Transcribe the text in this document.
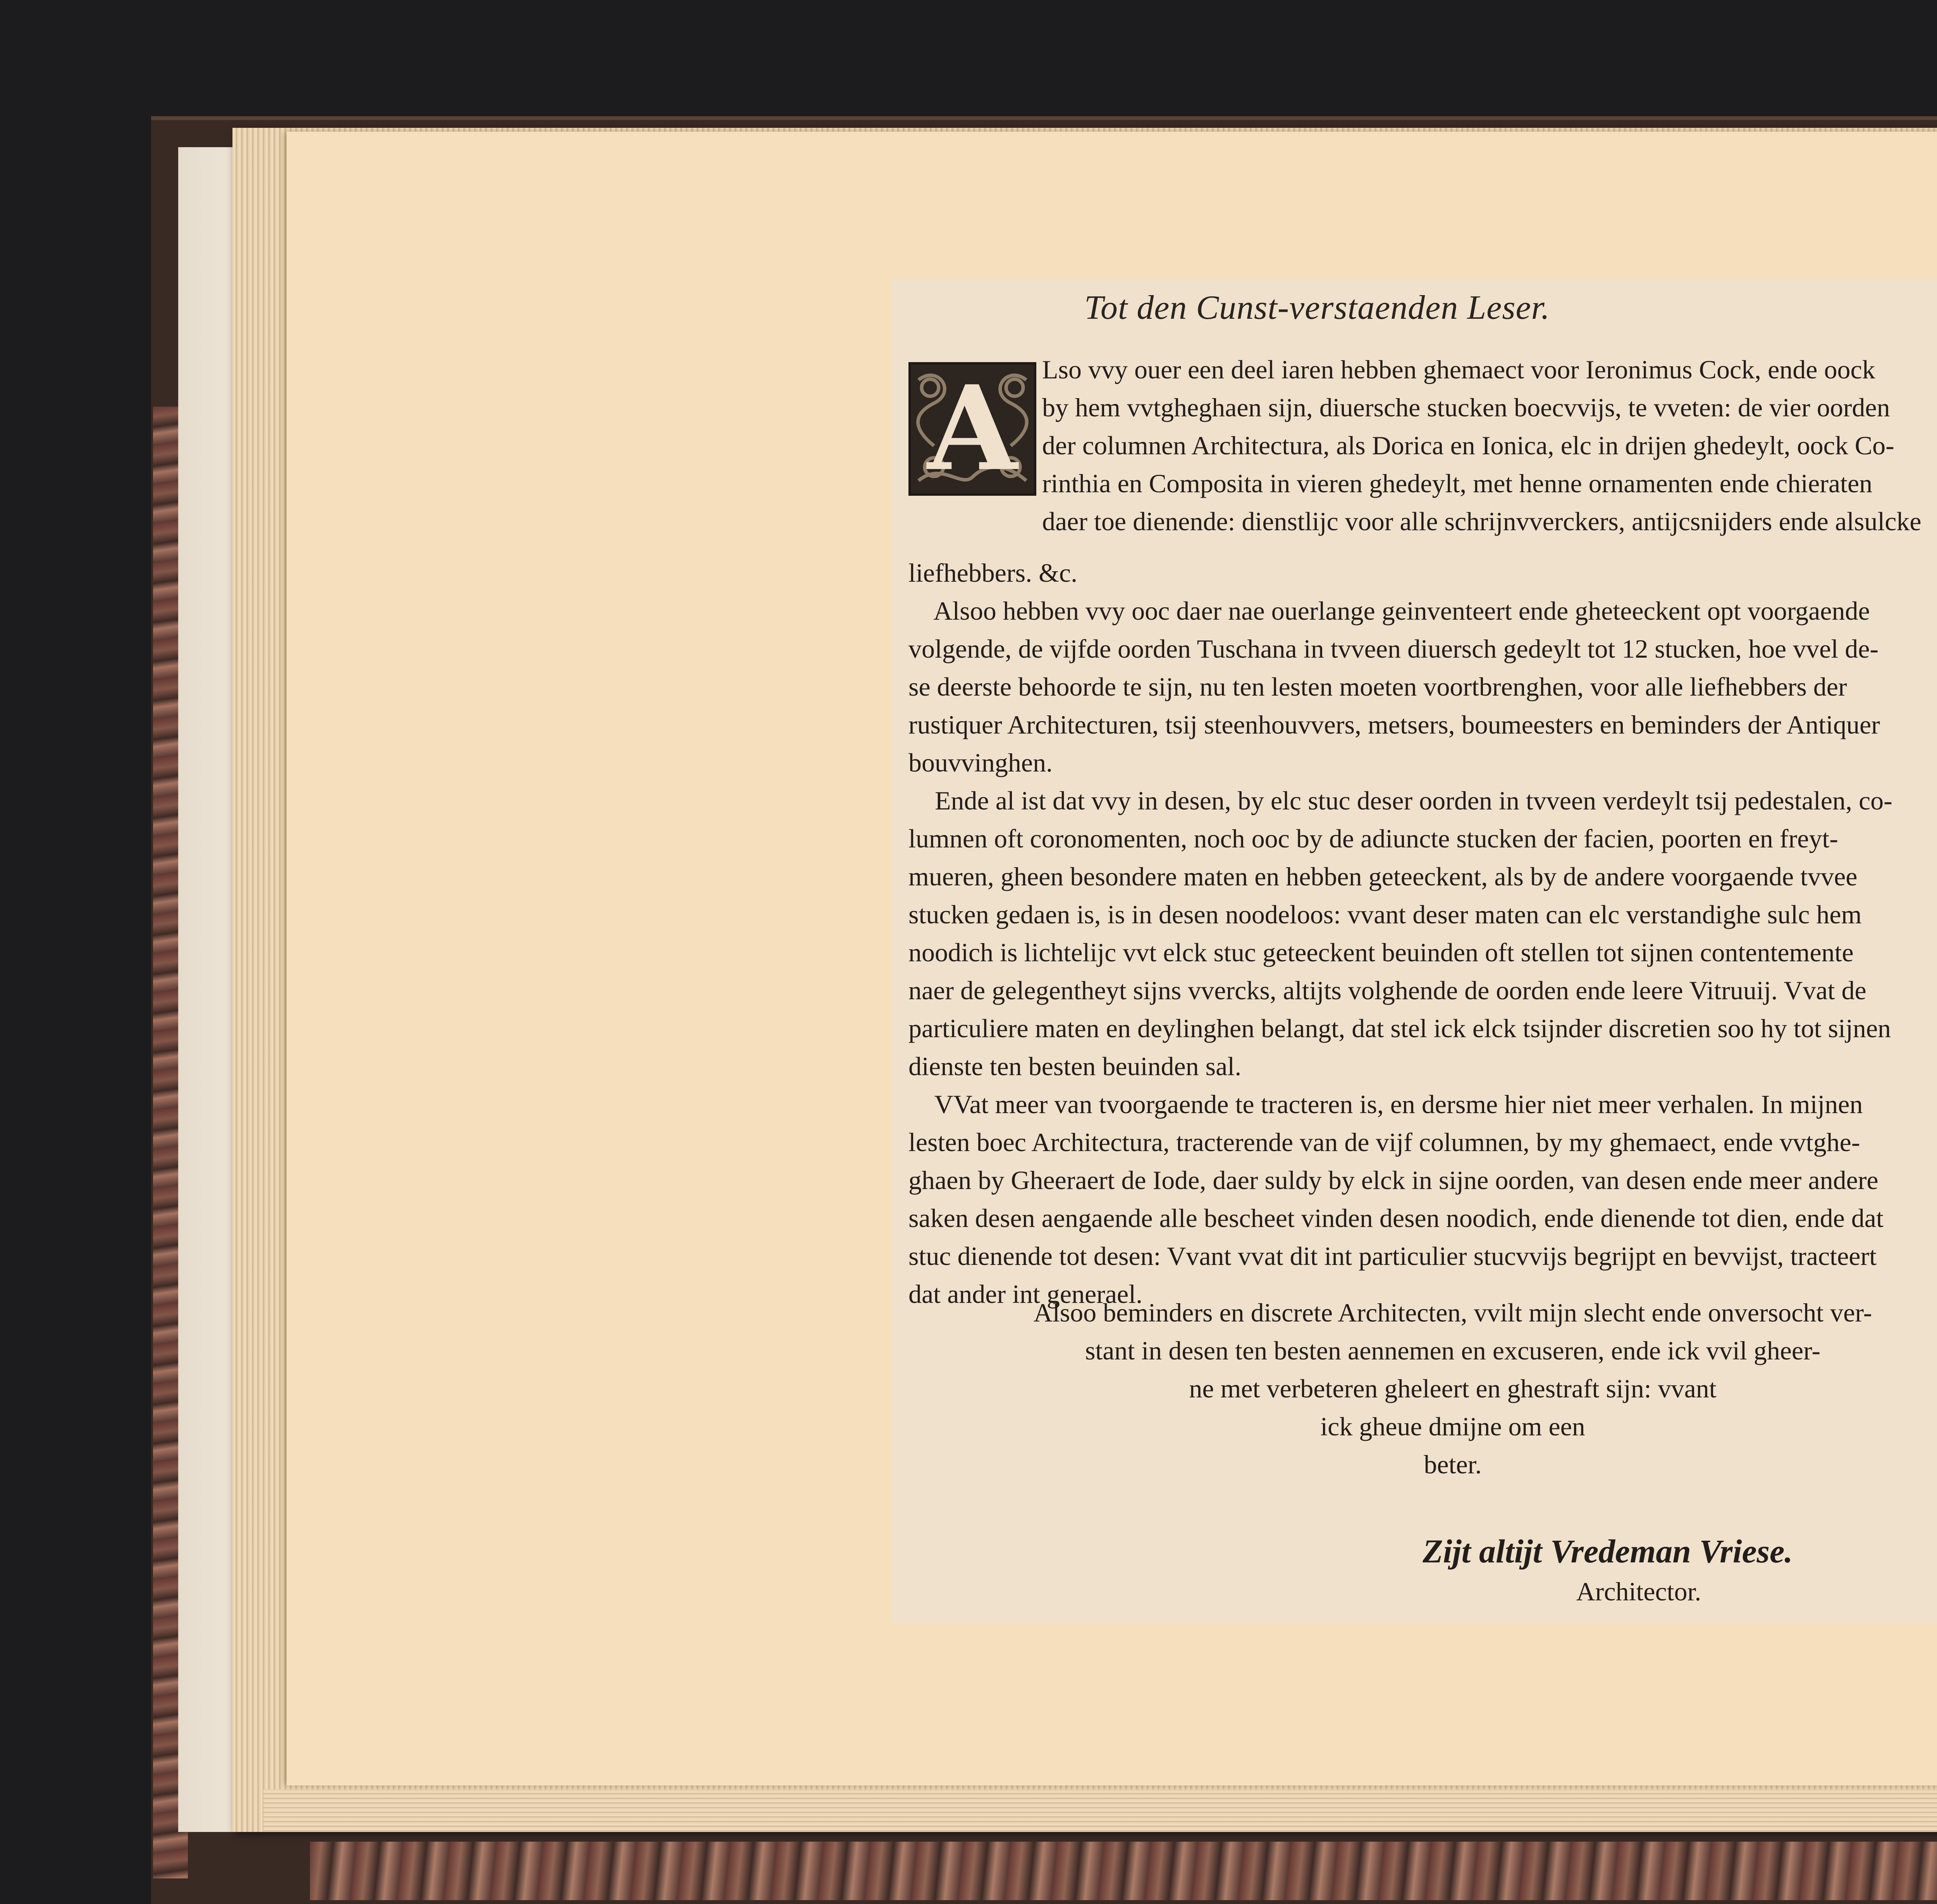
Tot den Cunst-verstaenden Leser.
A Lso vvy ouer een deel iaren hebben ghemaect voor Ieronimus Cock, ende oock
by hem vvtgheghaen sijn, diuersche stucken boecvvijs, te vveten: de vier oorden
der columnen Architectura, als Dorica en Ionica, elc in drijen ghedeylt, oock Co-
rinthia en Composita in vieren ghedeylt, met henne ornamenten ende chieraten
daer toe dienende: dienstlijc voor alle schrijnvverckers, antijcsnijders ende alsulcke
liefhebbers. &c.
Alsoo hebben vvy ooc daer nae ouerlange geinventeert ende gheteeckent opt voorgaende
volgende, de vijfde oorden Tuschana in tvveen diuersch gedeylt tot 12 stucken, hoe vvel de-
se deerste behoorde te sijn, nu ten lesten moeten voortbrenghen, voor alle liefhebbers der
rustiquer Architecturen, tsij steenhouvvers, metsers, boumeesters en beminders der Antiquer
bouvvinghen.
Ende al ist dat vvy in desen, by elc stuc deser oorden in tvveen verdeylt tsij pedestalen, co-
lumnen oft coronomenten, noch ooc by de adiuncte stucken der facien, poorten en freyt-
mueren, gheen besondere maten en hebben geteeckent, als by de andere voorgaende tvvee
stucken gedaen is, is in desen noodeloos: vvant deser maten can elc verstandighe sulc hem
noodich is lichtelijc vvt elck stuc geteeckent beuinden oft stellen tot sijnen contentemente
naer de gelegentheyt sijns vvercks, altijts volghende de oorden ende leere Vitruuij. Vvat de
particuliere maten en deylinghen belangt, dat stel ick elck tsijnder discretien soo hy tot sijnen
dienste ten besten beuinden sal.
VVat meer van tvoorgaende te tracteren is, en dersme hier niet meer verhalen. In mijnen
lesten boec Architectura, tracterende van de vijf columnen, by my ghemaect, ende vvtghe-
ghaen by Gheeraert de Iode, daer suldy by elck in sijne oorden, van desen ende meer andere
saken desen aengaende alle bescheet vinden desen noodich, ende dienende tot dien, ende dat
stuc dienende tot desen: Vvant vvat dit int particulier stucvvijs begrijpt en bevvijst, tracteert
dat ander int generael.
Alsoo beminders en discrete Architecten, vvilt mijn slecht ende onversocht ver-
stant in desen ten besten aennemen en excuseren, ende ick vvil gheer-
ne met verbeteren gheleert en ghestraft sijn: vvant
ick gheue dmijne om een
beter.
Zijt altijt Vredeman Vriese.
Architector.
